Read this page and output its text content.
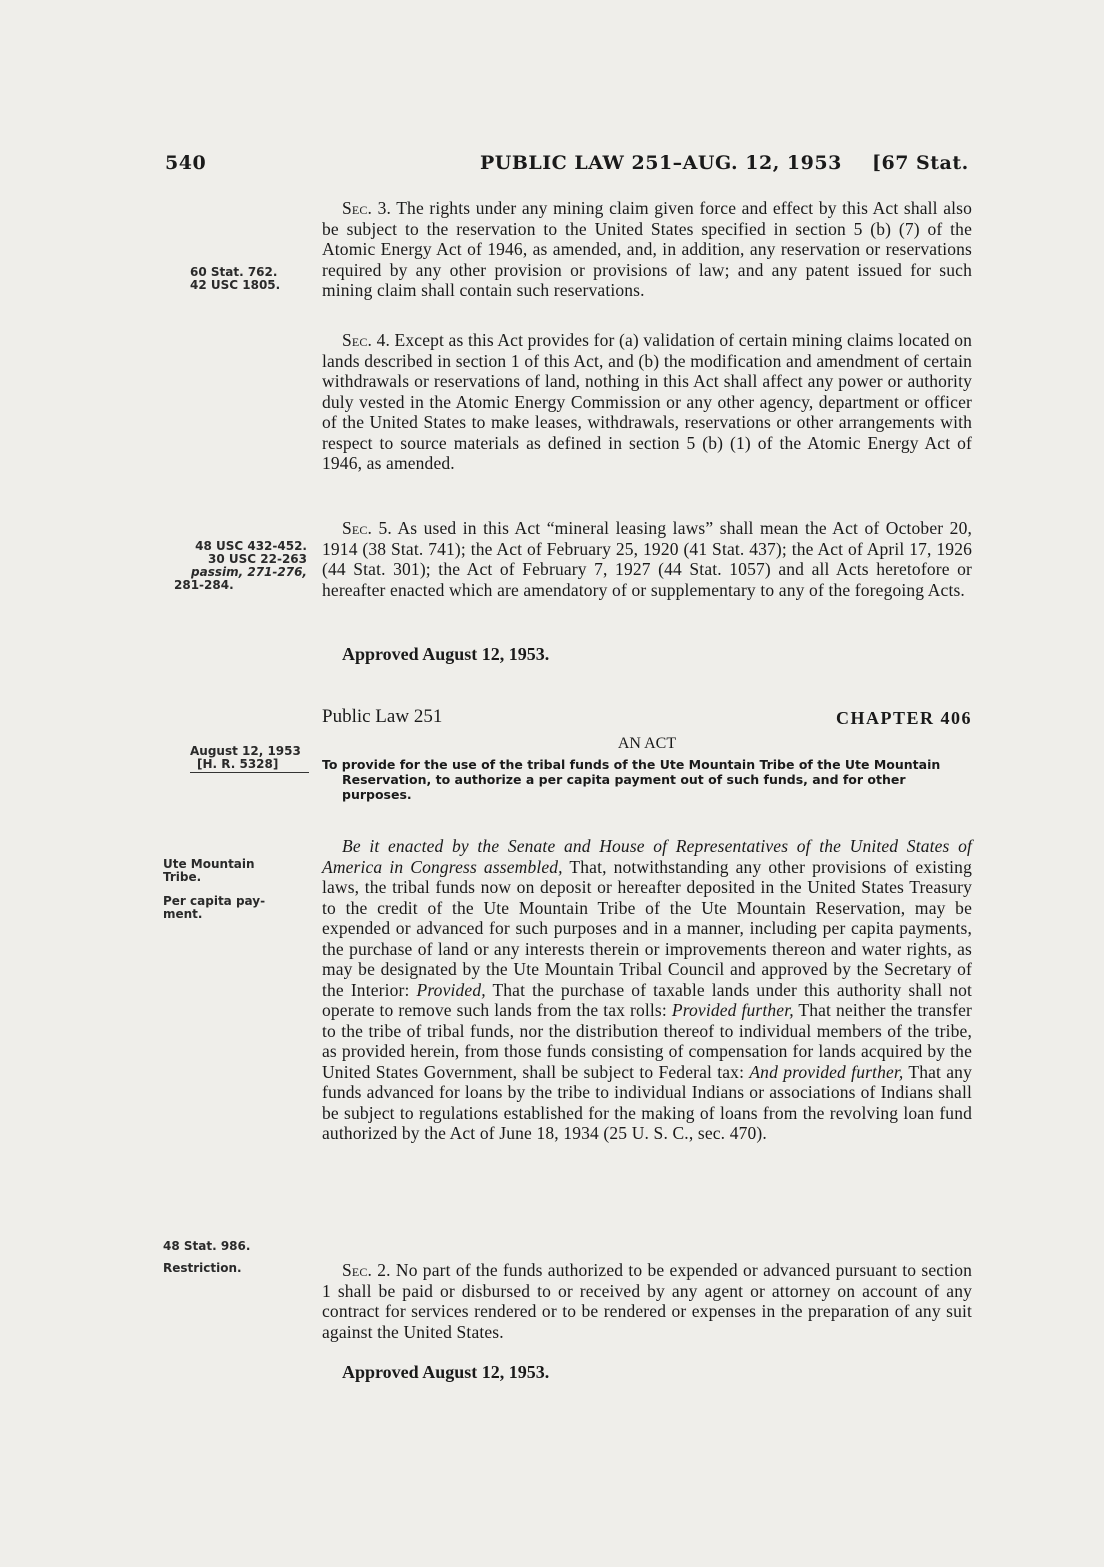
540	PUBLIC LAW 251–AUG. 12, 1953 [67 Stat.
60 Stat. 762.
42 USC 1805.
48 USC 432-452.
30 USC 22-263
passim, 271-276,
281-284.
August 12, 1953
[H. R. 5328]
Ute Mountain
Tribe.
Per capita pay-
ment.
48 Stat. 986.
Restriction.

Sec. 3. The rights under any mining claim given force and effect by this Act shall also be subject to the reservation to the United States specified in section 5 (b) (7) of the Atomic Energy Act of 1946, as amended, and, in addition, any reservation or reservations required by any other provision or provisions of law; and any patent issued for such mining claim shall contain such reservations.

Sec. 4. Except as this Act provides for (a) validation of certain mining claims located on lands described in section 1 of this Act, and (b) the modification and amendment of certain withdrawals or reservations of land, nothing in this Act shall affect any power or authority duly vested in the Atomic Energy Commission or any other agency, department or officer of the United States to make leases, withdrawals, reservations or other arrangements with respect to source materials as defined in section 5 (b) (1) of the Atomic Energy Act of 1946, as amended.

Sec. 5. As used in this Act “mineral leasing laws” shall mean the Act of October 20, 1914 (38 Stat. 741); the Act of February 25, 1920 (41 Stat. 437); the Act of April 17, 1926 (44 Stat. 301); the Act of February 7, 1927 (44 Stat. 1057) and all Acts heretofore or hereafter enacted which are amendatory of or supplementary to any of the foregoing Acts.

Approved August 12, 1953.
Public Law 251	CHAPTER 406
AN ACT
To provide for the use of the tribal funds of the Ute Mountain Tribe of the Ute Mountain Reservation, to authorize a per capita payment out of such funds, and for other purposes.

Be it enacted by the Senate and House of Representatives of the United States of America in Congress assembled, That, notwithstanding any other provisions of existing laws, the tribal funds now on deposit or hereafter deposited in the United States Treasury to the credit of the Ute Mountain Tribe of the Ute Mountain Reservation, may be expended or advanced for such purposes and in a manner, including per capita payments, the purchase of land or any interests therein or improvements thereon and water rights, as may be designated by the Ute Mountain Tribal Council and approved by the Secretary of the Interior: Provided, That the purchase of taxable lands under this authority shall not operate to remove such lands from the tax rolls: Provided further, That neither the transfer to the tribe of tribal funds, nor the distribution thereof to individual members of the tribe, as provided herein, from those funds consisting of compensation for lands acquired by the United States Government, shall be subject to Federal tax: And provided further, That any funds advanced for loans by the tribe to individual Indians or associations of Indians shall be subject to regulations established for the making of loans from the revolving loan fund authorized by the Act of June 18, 1934 (25 U. S. C., sec. 470).

Sec. 2. No part of the funds authorized to be expended or advanced pursuant to section 1 shall be paid or disbursed to or received by any agent or attorney on account of any contract for services rendered or to be rendered or expenses in the preparation of any suit against the United States.

Approved August 12, 1953.
